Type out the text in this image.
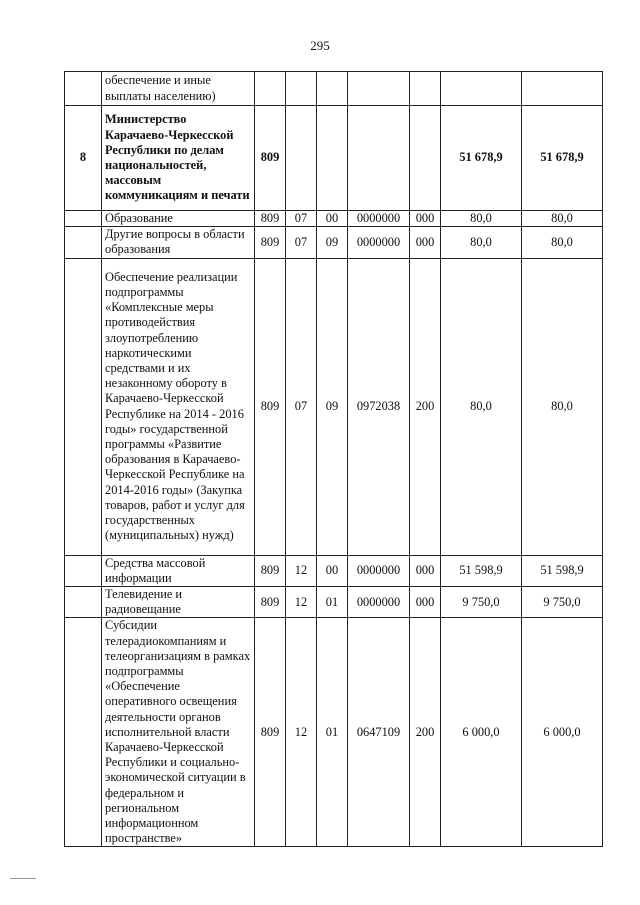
295
	обеспечение и иные выплаты населению)							
8	Министерство Карачаево-Черкесской Республики по делам национальностей, массовым коммуникациям и печати	809					51 678,9	51 678,9
	Образование	809	07	00	0000000	000	80,0	80,0
	Другие вопросы в области образования	809	07	09	0000000	000	80,0	80,0
	Обеспечение реализации подпрограммы «Комплексные меры противодействия злоупотреблению наркотическими средствами и их незаконному обороту в Карачаево-Черкесской Республике на 2014 - 2016 годы» государственной программы «Развитие образования в Карачаево-Черкесской Республике на 2014-2016 годы» (Закупка товаров, работ и услуг для государственных (муниципальных) нужд)	809	07	09	0972038	200	80,0	80,0
	Средства массовой информации	809	12	00	0000000	000	51 598,9	51 598,9
	Телевидение и радиовещание	809	12	01	0000000	000	9 750,0	9 750,0
	Субсидии телерадиокомпаниям и телеорганизациям в рамках подпрограммы «Обеспечение оперативного освещения деятельности органов исполнительной власти Карачаево-Черкесской Республики и социально-экономической ситуации в федеральном и региональном информационном пространстве»	809	12	01	0647109	200	6 000,0	6 000,0
